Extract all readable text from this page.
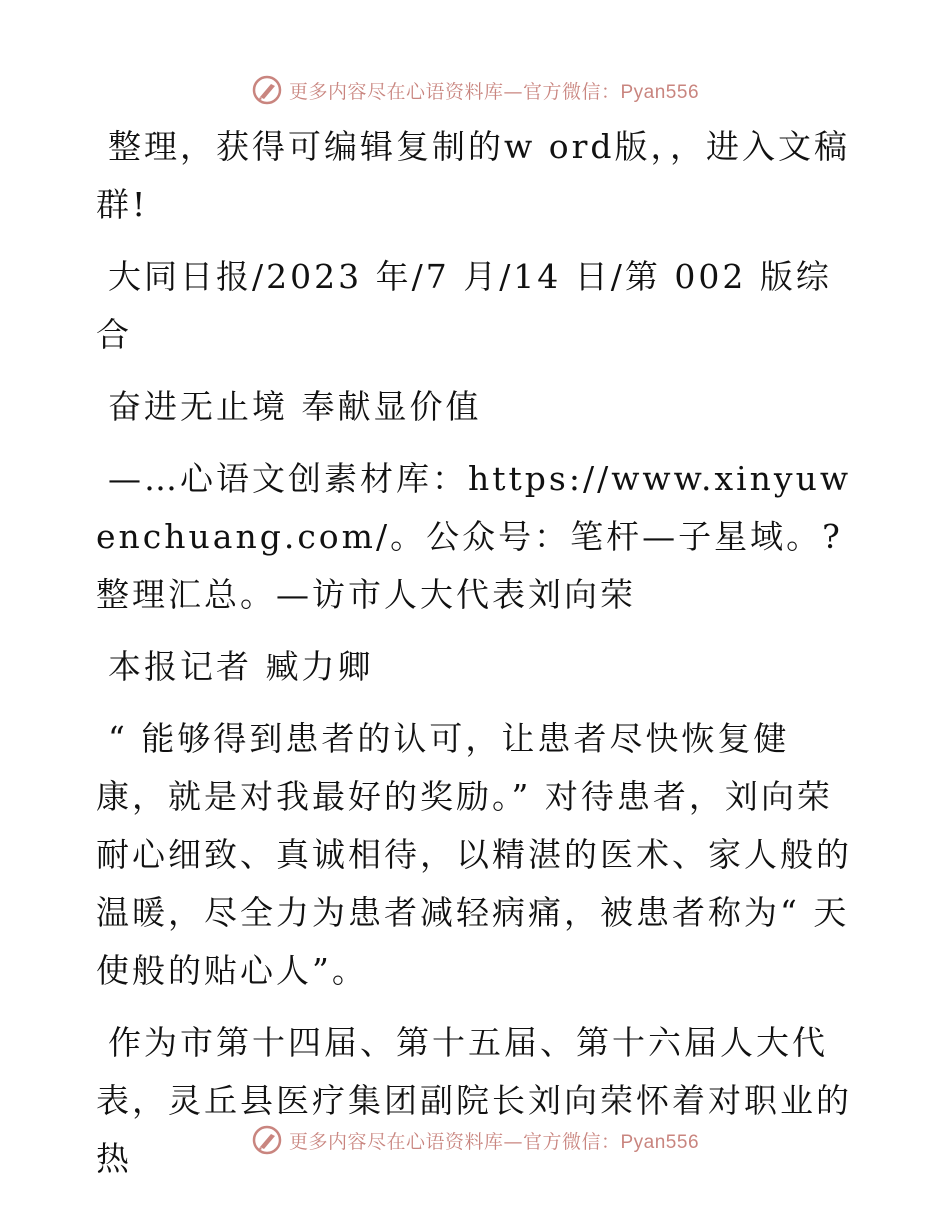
更多内容尽在心语资料库—官方微信：Pyan556

整理，获得可编辑复制的w ord版，，进入文稿群!

大同日报/2023 年/7 月/14 日/第 002 版综合

奋进无止境 奉献显价值

—…心语文创素材库：https://www.xinyuwenchuang.com/。公众号：笔杆—子星域。?整理汇总。—访市人大代表刘向荣

本报记者 臧力卿

“ 能够得到患者的认可，让患者尽快恢复健康，就是对我最好的奖励。” 对待患者，刘向荣耐心细致、真诚相待，以精湛的医术、家人般的温暖，尽全力为患者减轻病痛，被患者称为“ 天使般的贴心人”。

作为市第十四届、第十五届、第十六届人大代表，灵丘县医疗集团副院长刘向荣怀着对职业的热	更多内容尽在心语资料库—官方微信：Pyan556
